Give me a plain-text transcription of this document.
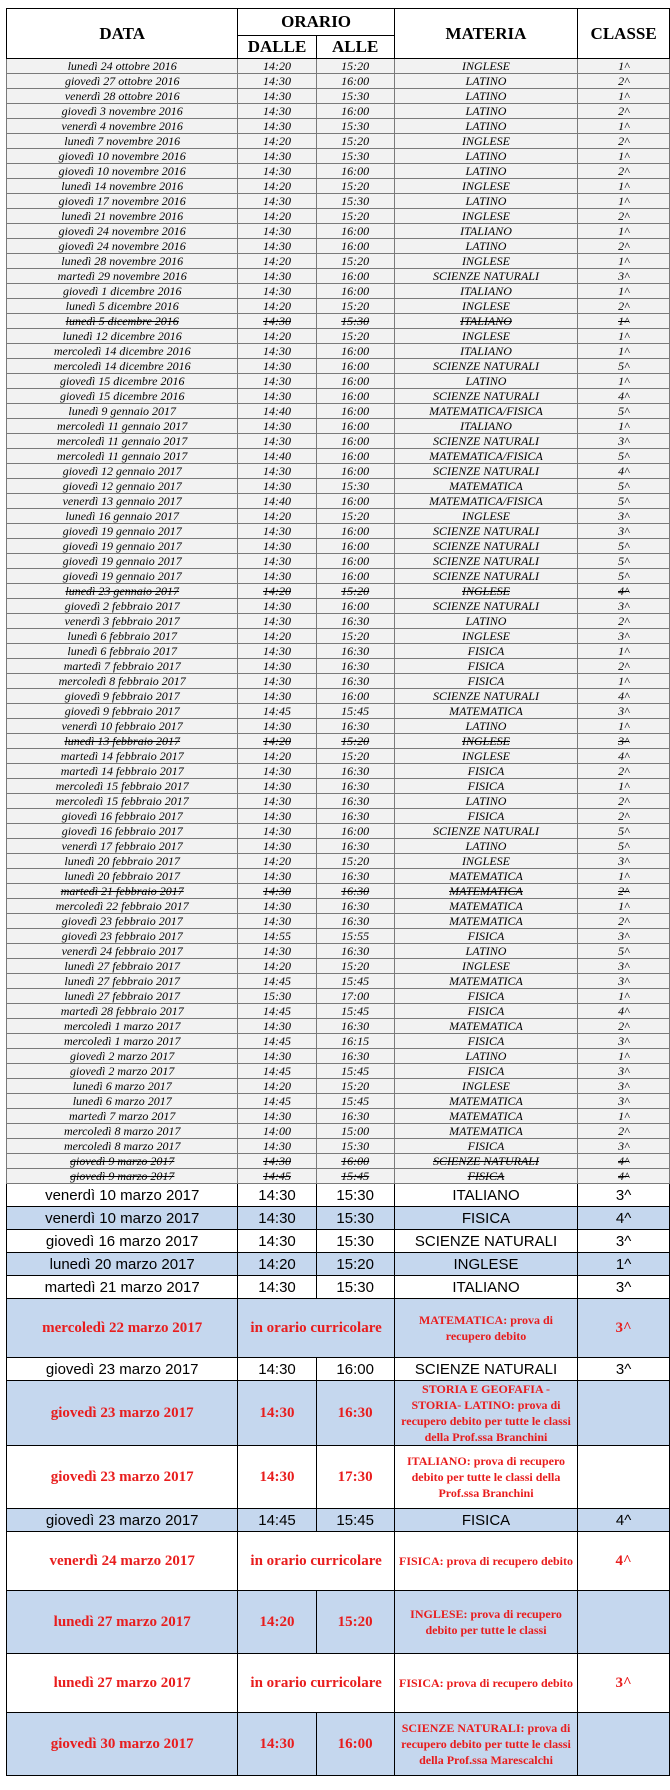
DATA	ORARIO		MATERIA	CLASSE
	DALLE	ALLE		
lunedì 24 ottobre 2016	14:20	15:20	INGLESE	1^
giovedì 27 ottobre 2016	14:30	16:00	LATINO	2^
venerdì 28 ottobre 2016	14:30	15:30	LATINO	1^
giovedì 3 novembre 2016	14:30	16:00	LATINO	2^
venerdì 4 novembre 2016	14:30	15:30	LATINO	1^
lunedì 7 novembre 2016	14:20	15:20	INGLESE	2^
giovedì 10 novembre 2016	14:30	15:30	LATINO	1^
giovedì 10 novembre 2016	14:30	16:00	LATINO	2^
lunedì 14 novembre 2016	14:20	15:20	INGLESE	1^
giovedì 17 novembre 2016	14:30	15:30	LATINO	1^
lunedì 21 novembre 2016	14:20	15:20	INGLESE	2^
giovedì 24 novembre 2016	14:30	16:00	ITALIANO	1^
giovedì 24 novembre 2016	14:30	16:00	LATINO	2^
lunedì 28 novembre 2016	14:20	15:20	INGLESE	1^
martedì 29 novembre 2016	14:30	16:00	SCIENZE NATURALI	3^
giovedì 1 dicembre 2016	14:30	16:00	ITALIANO	1^
lunedì 5 dicembre 2016	14:20	15:20	INGLESE	2^
lunedì 5 dicembre 2016	14:30	15:30	ITALIANO	1^
lunedì 12 dicembre 2016	14:20	15:20	INGLESE	1^
mercoledì 14 dicembre 2016	14:30	16:00	ITALIANO	1^
mercoledì 14 dicembre 2016	14:30	16:00	SCIENZE NATURALI	5^
giovedì 15 dicembre 2016	14:30	16:00	LATINO	1^
giovedì 15 dicembre 2016	14:30	16:00	SCIENZE NATURALI	4^
lunedì 9 gennaio 2017	14:40	16:00	MATEMATICA/FISICA	5^
mercoledì 11 gennaio 2017	14:30	16:00	ITALIANO	1^
mercoledì 11 gennaio 2017	14:30	16:00	SCIENZE NATURALI	3^
mercoledì 11 gennaio 2017	14:40	16:00	MATEMATICA/FISICA	5^
giovedì 12 gennaio 2017	14:30	16:00	SCIENZE NATURALI	4^
giovedì 12 gennaio 2017	14:30	15:30	MATEMATICA	5^
venerdì 13 gennaio 2017	14:40	16:00	MATEMATICA/FISICA	5^
lunedì 16 gennaio 2017	14:20	15:20	INGLESE	3^
giovedì 19 gennaio 2017	14:30	16:00	SCIENZE NATURALI	3^
giovedì 19 gennaio 2017	14:30	16:00	SCIENZE NATURALI	5^
giovedì 19 gennaio 2017	14:30	16:00	SCIENZE NATURALI	5^
giovedì 19 gennaio 2017	14:30	16:00	SCIENZE NATURALI	5^
lunedì 23 gennaio 2017	14:20	15:20	INGLESE	4^
giovedì 2 febbraio 2017	14:30	16:00	SCIENZE NATURALI	3^
venerdì 3 febbraio 2017	14:30	16:30	LATINO	2^
lunedì 6 febbraio 2017	14:20	15:20	INGLESE	3^
lunedì 6 febbraio 2017	14:30	16:30	FISICA	1^
martedì 7 febbraio 2017	14:30	16:30	FISICA	2^
mercoledì 8 febbraio 2017	14:30	16:30	FISICA	1^
giovedì 9 febbraio 2017	14:30	16:00	SCIENZE NATURALI	4^
giovedì 9 febbraio 2017	14:45	15:45	MATEMATICA	3^
venerdì 10 febbraio 2017	14:30	16:30	LATINO	1^
lunedì 13 febbraio 2017	14:20	15:20	INGLESE	3^
martedì 14 febbraio 2017	14:20	15:20	INGLESE	4^
martedì 14 febbraio 2017	14:30	16:30	FISICA	2^
mercoledì 15 febbraio 2017	14:30	16:30	FISICA	1^
mercoledì 15 febbraio 2017	14:30	16:30	LATINO	2^
giovedì 16 febbraio 2017	14:30	16:30	FISICA	2^
giovedì 16 febbraio 2017	14:30	16:00	SCIENZE NATURALI	5^
venerdì 17 febbraio 2017	14:30	16:30	LATINO	5^
lunedì 20 febbraio 2017	14:20	15:20	INGLESE	3^
lunedì 20 febbraio 2017	14:30	16:30	MATEMATICA	1^
martedì 21 febbraio 2017	14:30	16:30	MATEMATICA	2^
mercoledì 22 febbraio 2017	14:30	16:30	MATEMATICA	1^
giovedì 23 febbraio 2017	14:30	16:30	MATEMATICA	2^
giovedì 23 febbraio 2017	14:55	15:55	FISICA	3^
venerdì 24 febbraio 2017	14:30	16:30	LATINO	5^
lunedì 27 febbraio 2017	14:20	15:20	INGLESE	3^
lunedì 27 febbraio 2017	14:45	15:45	MATEMATICA	3^
lunedì 27 febbraio 2017	15:30	17:00	FISICA	1^
martedì 28 febbraio 2017	14:45	15:45	FISICA	4^
mercoledì 1 marzo 2017	14:30	16:30	MATEMATICA	2^
mercoledì 1 marzo 2017	14:45	16:15	FISICA	3^
giovedì 2 marzo 2017	14:30	16:30	LATINO	1^
giovedì 2 marzo 2017	14:45	15:45	FISICA	3^
lunedì 6 marzo 2017	14:20	15:20	INGLESE	3^
lunedì 6 marzo 2017	14:45	15:45	MATEMATICA	3^
martedì 7 marzo 2017	14:30	16:30	MATEMATICA	1^
mercoledì 8 marzo 2017	14:00	15:00	MATEMATICA	2^
mercoledì 8 marzo 2017	14:30	15:30	FISICA	3^
giovedì 9 marzo 2017	14:30	16:00	SCIENZE NATURALI	4^
giovedì 9 marzo 2017	14:45	15:45	FISICA	4^
venerdì 10 marzo 2017	14:30	15:30	ITALIANO	3^
venerdì 10 marzo 2017	14:30	15:30	FISICA	4^
giovedì 16 marzo 2017	14:30	15:30	SCIENZE NATURALI	3^
lunedì 20 marzo 2017	14:20	15:20	INGLESE	1^
martedì 21 marzo 2017	14:30	15:30	ITALIANO	3^
mercoledì 22 marzo 2017	in orario curricolare		MATEMATICA: prova di recupero debito	3^
giovedì 23 marzo 2017	14:30	16:00	SCIENZE NATURALI	3^
giovedì 23 marzo 2017	14:30	16:30	STORIA E GEOFAFIA - STORIA- LATINO: prova di recupero debito per tutte le classi della Prof.ssa Branchini	
giovedì 23 marzo 2017	14:30	17:30	ITALIANO: prova di recupero debito per tutte le classi della Prof.ssa Branchini	
giovedì 23 marzo 2017	14:45	15:45	FISICA	4^
venerdì 24 marzo 2017	in orario curricolare		FISICA: prova di recupero debito	4^
lunedì 27 marzo 2017	14:20	15:20	INGLESE: prova di recupero debito per tutte le classi	
lunedì 27 marzo 2017	in orario curricolare		FISICA: prova di recupero debito	3^
giovedì 30 marzo 2017	14:30	16:00	SCIENZE NATURALI: prova di recupero debito per tutte le classi della Prof.ssa Marescalchi	
